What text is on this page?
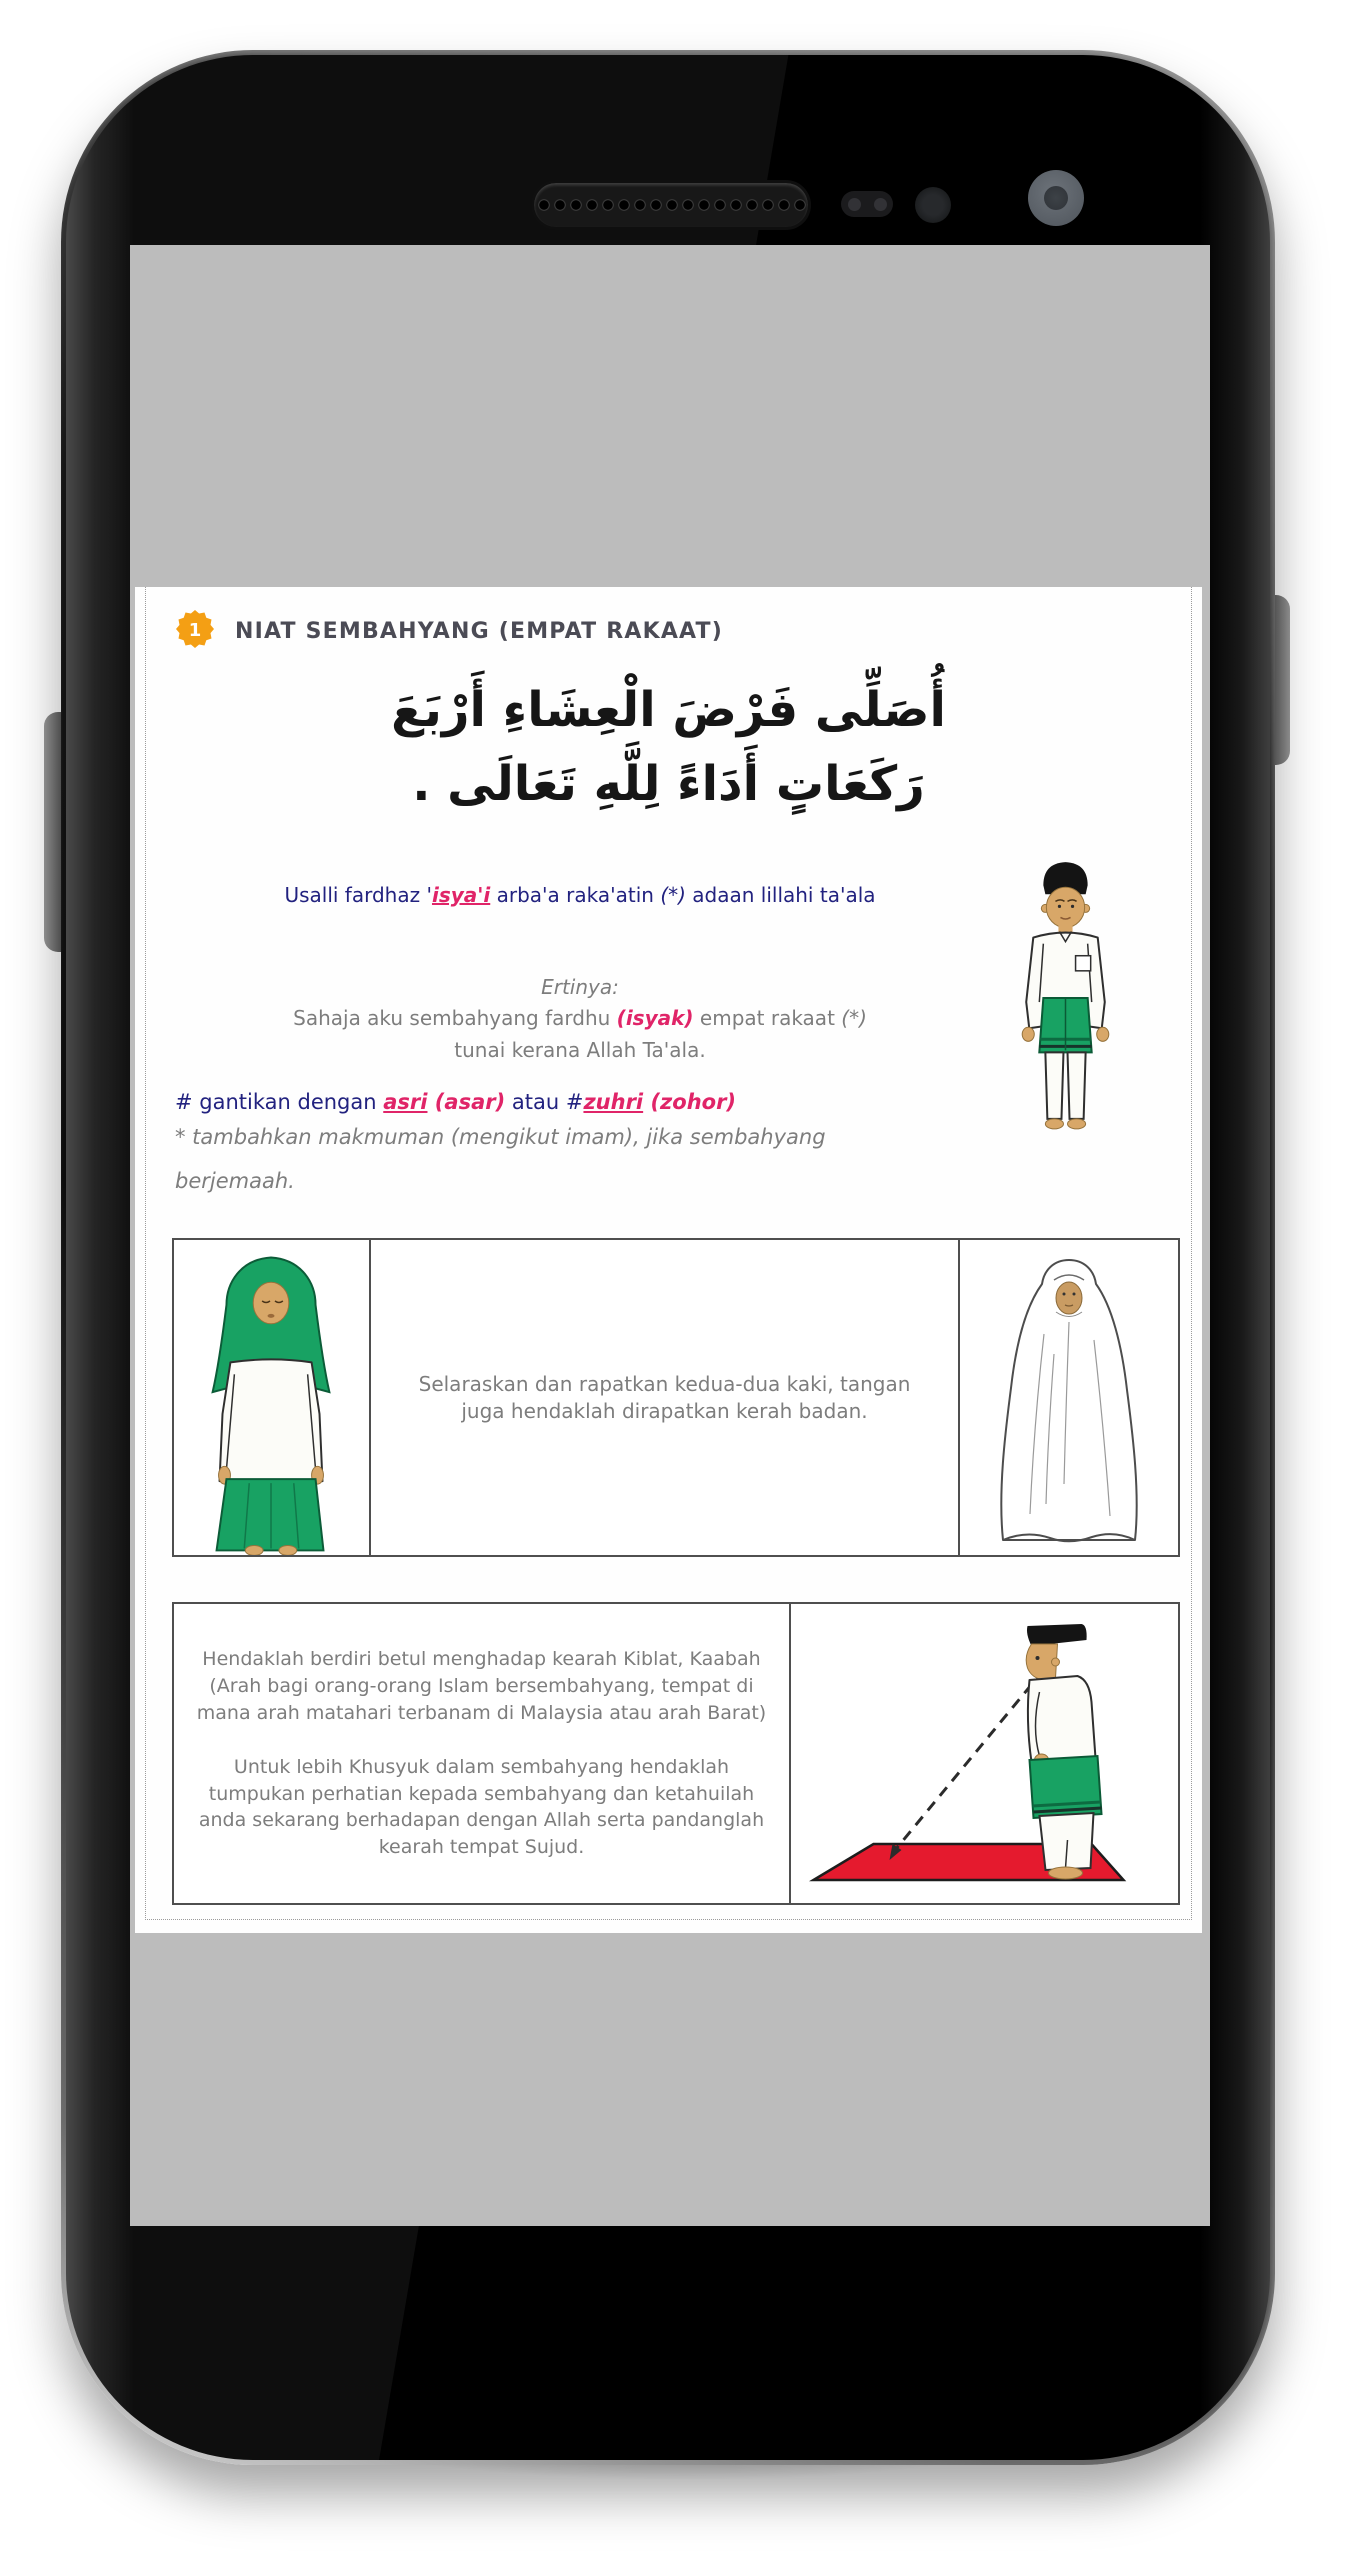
1 NIAT SEMBAHYANG (EMPAT RAKAAT)
أُصَلِّى فَرْضَ الْعِشَاءِ أَرْبَعَ
رَكَعَاتٍ أَدَاءً لِلَّهِ تَعَالَى .

Usalli fardhaz 'isya'i arba'a raka'atin (*) adaan lillahi ta'ala

Ertinya:

Sahaja aku sembahyang fardhu (isyak) empat rakaat (*)

tunai kerana Allah Ta'ala.

# gantikan dengan asri (asar) atau #zuhri (zohor)

* tambahkan makmuman (mengikut imam), jika sembahyang

berjemaah.

Selaraskan dan rapatkan kedua-dua kaki, tangan juga hendaklah dirapatkan kerah badan.

Hendaklah berdiri betul menghadap kearah Kiblat, Kaabah (Arah bagi orang-orang Islam bersembahyang, tempat di mana arah matahari terbanam di Malaysia atau arah Barat)

Untuk lebih Khusyuk dalam sembahyang hendaklah tumpukan perhatian kepada sembahyang dan ketahuilah anda sekarang berhadapan dengan Allah serta pandanglah kearah tempat Sujud.
